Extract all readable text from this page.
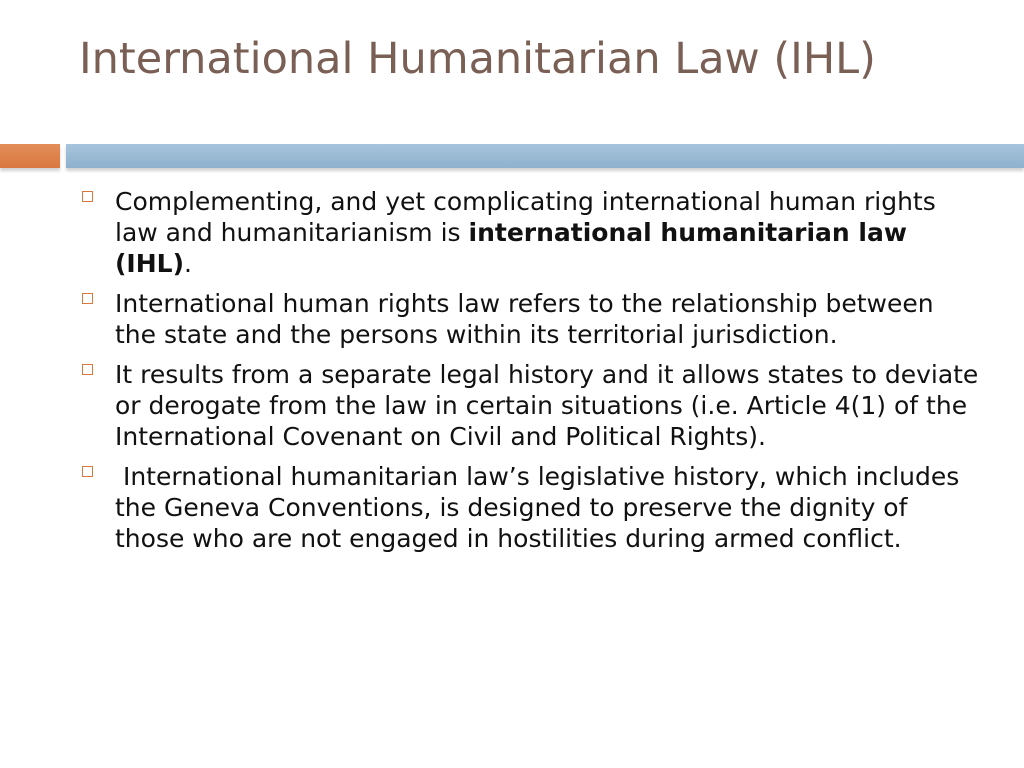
International Humanitarian Law (IHL)
Complementing, and yet complicating international human rights law and humanitarianism is international humanitarian law (IHL).
International human rights law refers to the relationship between the state and the persons within its territorial jurisdiction.
It results from a separate legal history and it allows states to deviate or derogate from the law in certain situations (i.e. Article 4(1) of the International Covenant on Civil and Political Rights).
International humanitarian law’s legislative history, which includes the Geneva Conventions, is designed to preserve the dignity of those who are not engaged in hostilities during armed conflict.
